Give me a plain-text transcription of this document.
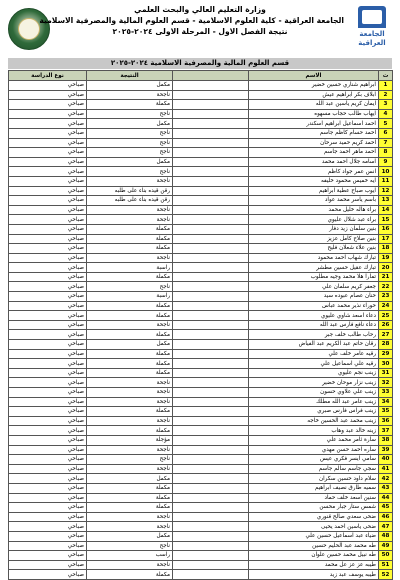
وزارة التعليم العالي والبحث العلمي
الجامعة العراقية - كلية العلوم الاسلامية - قسم العلوم المالية والمصرفية الاسلامية
نتيجة الفصل الاول - المرحلة الاولى ٢٠٢٤-٢٠٢٥	الجامعة العراقية
قسم العلوم المالية والمصرفية الاسلامية ٢٠٢٤-٢٠٢٥
ت	الاسم		النتيجة	نوع الدراسة
1	ابراهيم شناري حسين خضير		مكمل	صباحي
2	ابلاف بكر ابراهيم عيش		ناجحة	صباحي
3	ايمان كريم ياسين عبد الله		مكملة	صباحي
4	ايهاب طالب حجاب مسهوه		ناجح	صباحي
5	احمد اسماعيل ابراهيم اسكندر		مكمل	صباحي
6	احمد حسام كاظم جاسم		ناجح	صباحي
7	احمد كريم حميد سرحان		ناجح	صباحي
8	احمد ماهر احمد جاسم		ناجح	صباحي
9	اسامه جلال احمد محمد		مكمل	صباحي
10	انس عمر جواد كاظم		ناجح	صباحي
11	ايه خميس محمود خليفه		ناجحة	صباحي
12	ايوب صباح عطية ابراهيم		رقن قيده بناء على طلبه	صباحي
13	باسم ياسر محمد عواد		رقن قيده بناء على طلبه	صباحي
14	براء هاله خليل محمد		ناجحة	صباحي
15	براء عبد شلال عليوي		ناجحة	صباحي
16	بنين سلمان زيد دفار		مكملة	صباحي
17	بنين صلاح كامل عزيز		مكملة	صباحي
18	بنين علاء شعلان فليح		مكملة	صباحي
19	تبارك شهاب احمد محمود		ناجحة	صباحي
20	تبارك عقيل حسين مطشر		راسبة	صباحي
21	تمارا هلا محمد وجيه مطلوب		مكملة	صباحي
22	جعفر كريم سلمان علي		ناجح	صباحي
23	حنان عصام عبوده سيد		راسبة	صباحي
24	حوراء نذير محمد عباس		مكملة	صباحي
25	دعاء اسعد شاوي عليوي		مكملة	صباحي
26	دعاء نافع فارس عبد الله		ناجحة	صباحي
27	رحاب طالب خلف جبر		مكملة	صباحي
28	رقان حاتم عبد الكريم عبد الفياض		مكمل	صباحي
29	رقيه عامر خلف علي		مكملة	صباحي
30	رقيه علي اسماعيل علي		مكملة	صباحي
31	زينب نجم عليوي		مكملة	صباحي
32	زينب نزار موحان خضير		ناجحة	صباحي
33	زينب علي علاوي حسون		ناجحة	صباحي
34	زينب عامر عبد الله مطلك		ناجحة	صباحي
35	زينب فراس فارس صبري		مكملة	صباحي
36	زينب محمد عبد الحسين خاجه		ناجحة	صباحي
37	زينه خالد عبد وهاب		مكملة	صباحي
38	سارة ثامر محمد علي		مؤجلة	صباحي
39	ساره احمد حسن مهدي		ناجحة	صباحي
40	سامي ايسر فكري عيس		ناجح	صباحي
41	سجي جاسم سالم جاسم		ناجحة	صباحي
42	سلام داود حسين سكران		مكمل	صباحي
43	سميه طارق نصيف ابراهيم		مكملة	صباحي
44	سنين اسعد خلف حماد		مكملة	صباحي
45	شمس ستار جبار محسن		مكملة	صباحي
46	ضحى سعدي صالح قنوري		ناجحة	صباحي
47	ضحى ياسين احمد يحيى		ناجحة	صباحي
48	ضياء عبد اسماعيل حسين علي		مكمل	صباحي
49	طه محمد عبد الحليم حسين		ناجح	صباحي
50	طه نبيل محمد حسين علوان		راسب	صباحي
51	طيبه عز عز عل محمد		ناجحة	صباحي
52	طيبه يوسف عبد زيد		مكملة	صباحي
